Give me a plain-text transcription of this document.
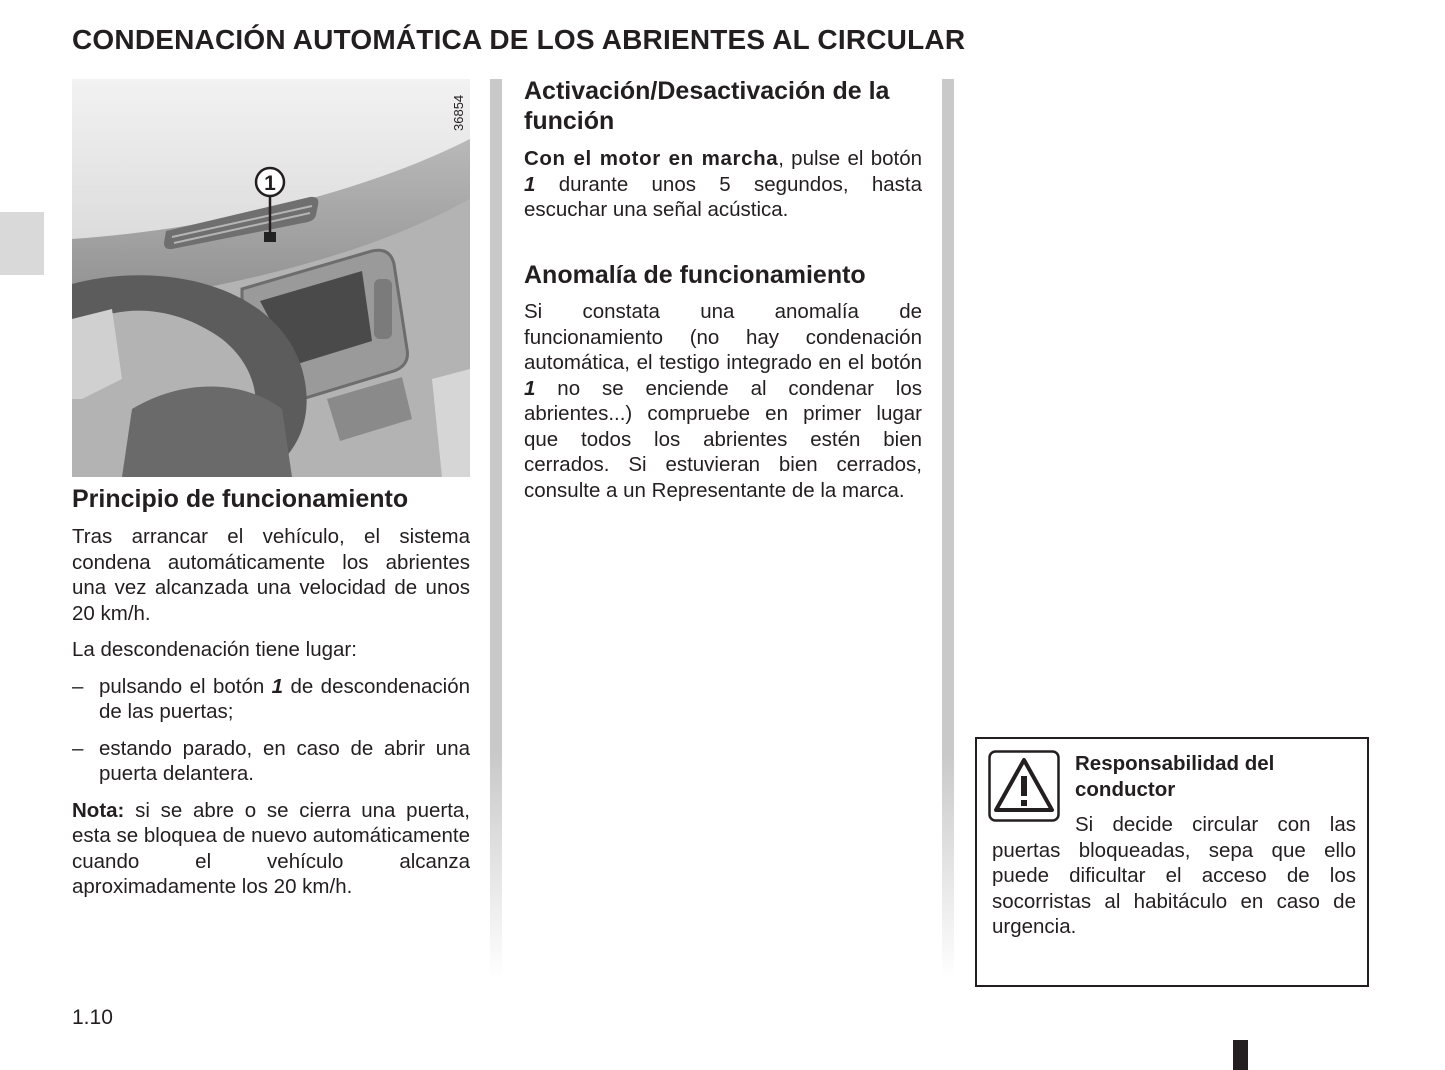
CONDENACIÓN AUTOMÁTICA DE LOS ABRIENTES AL CIRCULAR
1
36854
Principio de funcionamiento

Tras arrancar el vehículo, el sistema condena automáticamente los abrientes una vez alcanzada una velocidad de unos 20 km/h.

La descondenación tiene lugar:

– pulsando el botón 1 de descondenación de las puertas;
– estando parado, en caso de abrir una puerta delantera.

Nota: si se abre o se cierra una puerta, esta se bloquea de nuevo automáticamente cuando el vehículo alcanza aproximadamente los 20 km/h.

Activación/Desactivación de la función

Con el motor en marcha, pulse el botón 1 durante unos 5 segundos, hasta escuchar una señal acústica.

Anomalía de funcionamiento

Si constata una anomalía de funcionamiento (no hay condenación automática, el testigo integrado en el botón 1 no se enciende al condenar los abrientes...) compruebe en primer lugar que todos los abrientes estén bien cerrados. Si estuvieran bien cerrados, consulte a un Representante de la marca.

Responsabilidad del conductor

Si decide circular con las puertas bloqueadas, sepa que ello puede dificultar el acceso de los socorristas al habitáculo en caso de urgencia.

1.10
